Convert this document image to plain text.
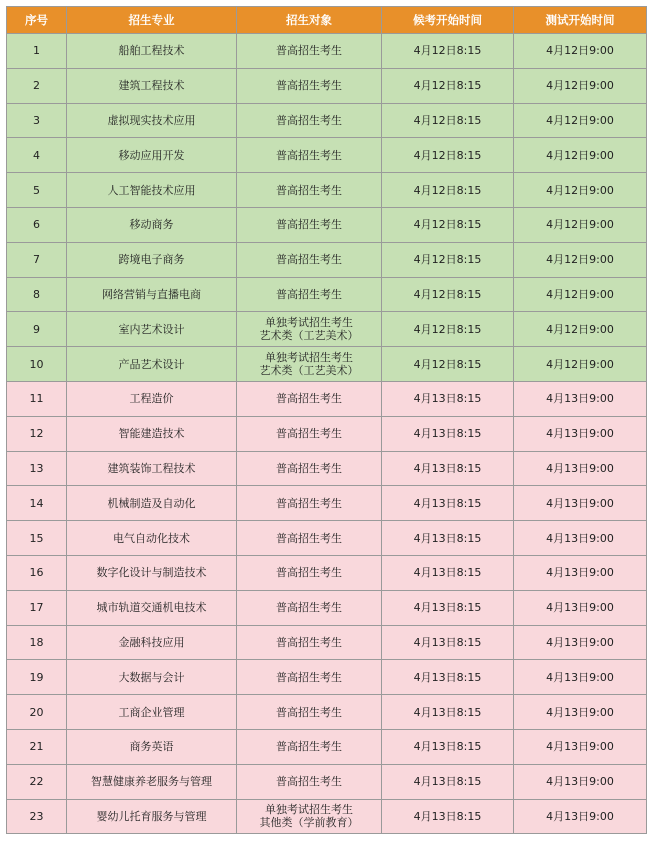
序号	招生专业	招生对象	候考开始时间	测试开始时间
1	船舶工程技术	普高招生考生	4月12日8:15	4月12日9:00
2	建筑工程技术	普高招生考生	4月12日8:15	4月12日9:00
3	虚拟现实技术应用	普高招生考生	4月12日8:15	4月12日9:00
4	移动应用开发	普高招生考生	4月12日8:15	4月12日9:00
5	人工智能技术应用	普高招生考生	4月12日8:15	4月12日9:00
6	移动商务	普高招生考生	4月12日8:15	4月12日9:00
7	跨境电子商务	普高招生考生	4月12日8:15	4月12日9:00
8	网络营销与直播电商	普高招生考生	4月12日8:15	4月12日9:00
9	室内艺术设计	单独考试招生考生
艺术类（工艺美术）	4月12日8:15	4月12日9:00
10	产品艺术设计	单独考试招生考生
艺术类（工艺美术）	4月12日8:15	4月12日9:00
11	工程造价	普高招生考生	4月13日8:15	4月13日9:00
12	智能建造技术	普高招生考生	4月13日8:15	4月13日9:00
13	建筑装饰工程技术	普高招生考生	4月13日8:15	4月13日9:00
14	机械制造及自动化	普高招生考生	4月13日8:15	4月13日9:00
15	电气自动化技术	普高招生考生	4月13日8:15	4月13日9:00
16	数字化设计与制造技术	普高招生考生	4月13日8:15	4月13日9:00
17	城市轨道交通机电技术	普高招生考生	4月13日8:15	4月13日9:00
18	金融科技应用	普高招生考生	4月13日8:15	4月13日9:00
19	大数据与会计	普高招生考生	4月13日8:15	4月13日9:00
20	工商企业管理	普高招生考生	4月13日8:15	4月13日9:00
21	商务英语	普高招生考生	4月13日8:15	4月13日9:00
22	智慧健康养老服务与管理	普高招生考生	4月13日8:15	4月13日9:00
23	婴幼儿托育服务与管理	单独考试招生考生
其他类（学前教育）	4月13日8:15	4月13日9:00
